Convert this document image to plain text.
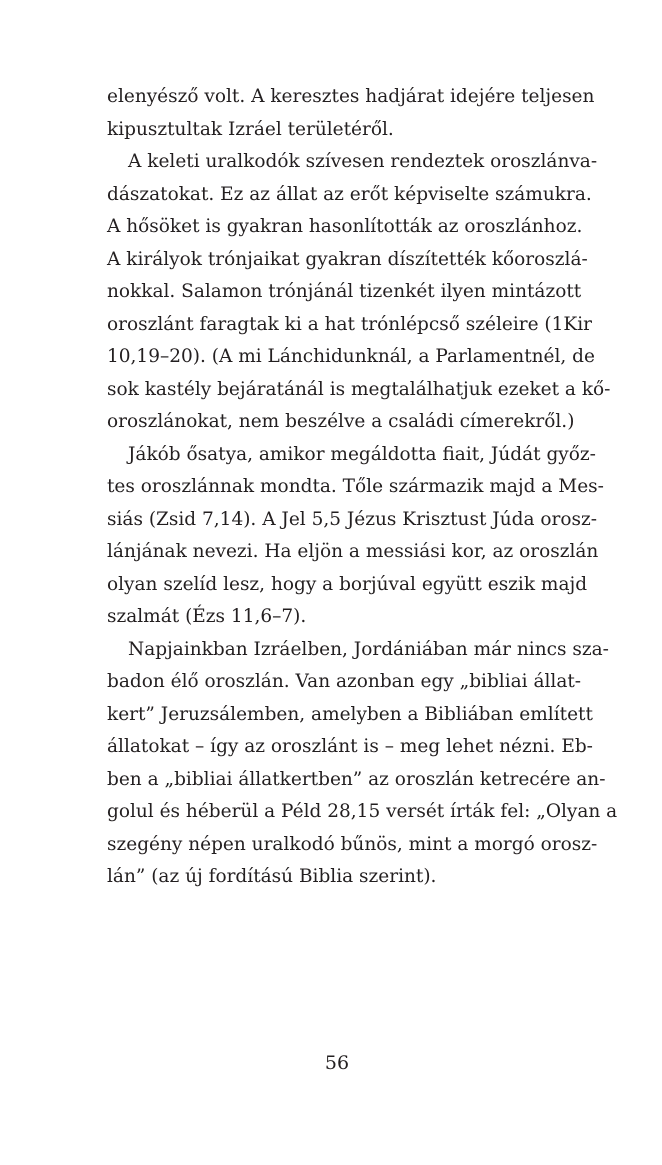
elenyésző volt. A keresztes hadjárat idejére teljesen
kipusztultak Izráel területéről.
A keleti uralkodók szívesen rendeztek oroszlánva-
dászatokat. Ez az állat az erőt képviselte számukra.
A hősöket is gyakran hasonlították az oroszlánhoz.
A királyok trónjaikat gyakran díszítették kőoroszlá-
nokkal. Salamon trónjánál tizenkét ilyen mintázott
oroszlánt faragtak ki a hat trónlépcső széleire (1Kir
10,19–20). (A mi Lánchidunknál, a Parlamentnél, de
sok kastély bejáratánál is megtalálhatjuk ezeket a kő-
oroszlánokat, nem beszélve a családi címerekről.)
Jákób ősatya, amikor megáldotta fiait, Júdát győz-
tes oroszlánnak mondta. Tőle származik majd a Mes-
siás (Zsid 7,14). A Jel 5,5 Jézus Krisztust Júda orosz-
lánjának nevezi. Ha eljön a messiási kor, az oroszlán
olyan szelíd lesz, hogy a borjúval együtt eszik majd
szalmát (Ézs 11,6–7).
Napjainkban Izráelben, Jordániában már nincs sza-
badon élő oroszlán. Van azonban egy „bibliai állat-
kert” Jeruzsálemben, amelyben a Bibliában említett
állatokat – így az oroszlánt is – meg lehet nézni. Eb-
ben a „bibliai állatkertben” az oroszlán ketrecére an-
golul és héberül a Péld 28,15 versét írták fel: „Olyan a
szegény népen uralkodó bűnös, mint a morgó orosz-
lán” (az új fordítású Biblia szerint).
56
